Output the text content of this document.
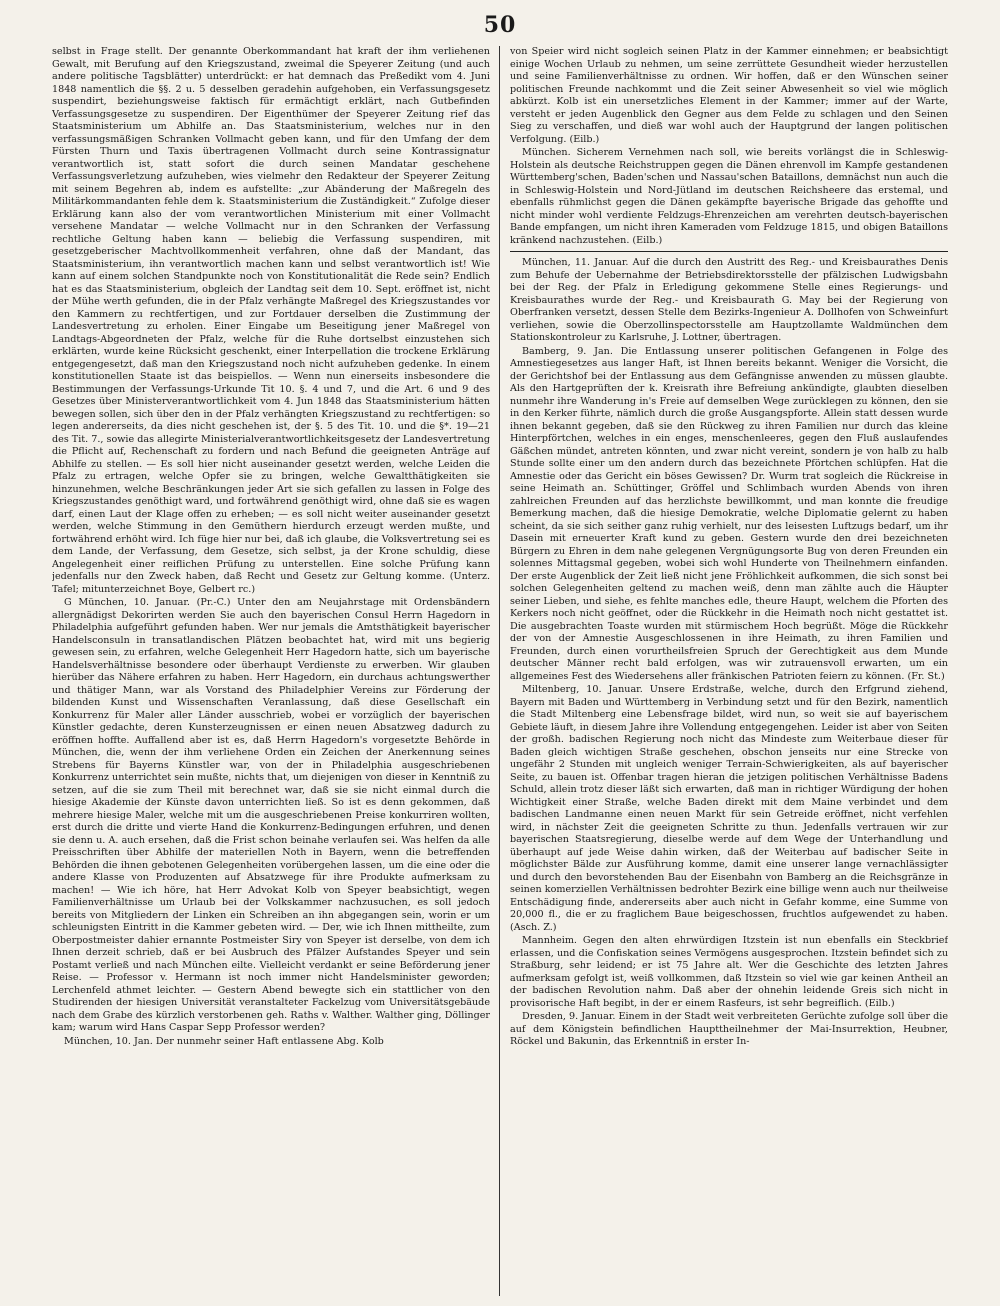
50

selbst in Frage stellt. Der genannte Oberkommandant hat kraft der ihm verliehenen Gewalt, mit Berufung auf den Kriegszustand, zweimal die Speyerer Zeitung (und auch andere politische Tagsblätter) unterdrückt: er hat demnach das Preßedikt vom 4. Juni 1848 namentlich die §§. 2 u. 5 desselben geradehin aufgehoben, ein Verfassungsgesetz suspendirt, beziehungsweise faktisch für ermächtigt erklärt, nach Gutbefinden Verfassungsgesetze zu suspendiren. Der Eigenthümer der Speyerer Zeitung rief das Staatsministerium um Abhilfe an. Das Staatsministerium, welches nur in den verfassungsmäßigen Schranken Vollmacht geben kann, und für den Umfang der dem Fürsten Thurn und Taxis übertragenen Vollmacht durch seine Kontrassignatur verantwortlich ist, statt sofort die durch seinen Mandatar geschehene Verfassungsverletzung aufzuheben, wies vielmehr den Redakteur der Speyerer Zeitung mit seinem Begehren ab, indem es aufstellte: „zur Abänderung der Maßregeln des Militärkommandanten fehle dem k. Staatsministerium die Zuständigkeit.“ Zufolge dieser Erklärung kann also der vom verantwortlichen Ministerium mit einer Vollmacht versehene Mandatar — welche Vollmacht nur in den Schranken der Verfassung rechtliche Geltung haben kann — beliebig die Verfassung suspendiren, mit gesetzgeberischer Machtvollkommenheit verfahren, ohne daß der Mandant, das Staatsministerium, ihn verantwortlich machen kann und selbst verantwortlich ist! Wie kann auf einem solchen Standpunkte noch von Konstitutionalität die Rede sein? Endlich hat es das Staatsministerium, obgleich der Landtag seit dem 10. Sept. eröffnet ist, nicht der Mühe werth gefunden, die in der Pfalz verhängte Maßregel des Kriegszustandes vor den Kammern zu rechtfertigen, und zur Fortdauer derselben die Zustimmung der Landesvertretung zu erholen. Einer Eingabe um Beseitigung jener Maßregel von Landtags-Abgeordneten der Pfalz, welche für die Ruhe dortselbst einzustehen sich erklärten, wurde keine Rücksicht geschenkt, einer Interpellation die trockene Erklärung entgegengesetzt, daß man den Kriegszustand noch nicht aufzuheben gedenke. In einem konstitutionellen Staate ist das beispiellos. — Wenn nun einerseits insbesondere die Bestimmungen der Verfassungs-Urkunde Tit 10. §. 4 und 7, und die Art. 6 und 9 des Gesetzes über Ministerverantwortlichkeit vom 4. Jun 1848 das Staatsministerium hätten bewegen sollen, sich über den in der Pfalz verhängten Kriegszustand zu rechtfertigen: so legen andererseits, da dies nicht geschehen ist, der §. 5 des Tit. 10. und die §*. 19—21 des Tit. 7., sowie das allegirte Ministerialverantwortlichkeitsgesetz der Landesvertretung die Pflicht auf, Rechenschaft zu fordern und nach Befund die geeigneten Anträge auf Abhilfe zu stellen. — Es soll hier nicht auseinander gesetzt werden, welche Leiden die Pfalz zu ertragen, welche Opfer sie zu bringen, welche Gewaltthätigkeiten sie hinzunehmen, welche Beschränkungen jeder Art sie sich gefallen zu lassen in Folge des Kriegszustandes genöthigt ward, und fortwährend genöthigt wird, ohne daß sie es wagen darf, einen Laut der Klage offen zu erheben; — es soll nicht weiter auseinander gesetzt werden, welche Stimmung in den Gemüthern hierdurch erzeugt werden mußte, und fortwährend erhöht wird. Ich füge hier nur bei, daß ich glaube, die Volksvertretung sei es dem Lande, der Verfassung, dem Gesetze, sich selbst, ja der Krone schuldig, diese Angelegenheit einer reiflichen Prüfung zu unterstellen. Eine solche Prüfung kann jedenfalls nur den Zweck haben, daß Recht und Gesetz zur Geltung komme. (Unterz. Tafel; mitunterzeichnet Boye, Gelbert rc.)

G München, 10. Januar. (Pr.-C.) Unter den am Neujahrstage mit Ordensbändern allergnädigst Dekorirten werden Sie auch den bayerischen Consul Herrn Hagedorn in Philadelphia aufgeführt gefunden haben. Wer nur jemals die Amtsthätigkeit bayerischer Handelsconsuln in transatlandischen Plätzen beobachtet hat, wird mit uns begierig gewesen sein, zu erfahren, welche Gelegenheit Herr Hagedorn hatte, sich um bayerische Handelsverhältnisse besondere oder überhaupt Verdienste zu erwerben. Wir glauben hierüber das Nähere erfahren zu haben. Herr Hagedorn, ein durchaus achtungswerther und thätiger Mann, war als Vorstand des Philadelphier Vereins zur Förderung der bildenden Kunst und Wissenschaften Veranlassung, daß diese Gesellschaft ein Konkurrenz für Maler aller Länder ausschrieb, wobei er vorzüglich der bayerischen Künstler gedachte, deren Kunsterzeugnissen er einen neuen Absatzweg dadurch zu eröffnen hoffte. Auffallend aber ist es, daß Herrn Hagedorn's vorgesetzte Behörde in München, die, wenn der ihm verliehene Orden ein Zeichen der Anerkennung seines Strebens für Bayerns Künstler war, von der in Philadelphia ausgeschriebenen Konkurrenz unterrichtet sein mußte, nichts that, um diejenigen von dieser in Kenntniß zu setzen, auf die sie zum Theil mit berechnet war, daß sie sie nicht einmal durch die hiesige Akademie der Künste davon unterrichten ließ. So ist es denn gekommen, daß mehrere hiesige Maler, welche mit um die ausgeschriebenen Preise konkurriren wollten, erst durch die dritte und vierte Hand die Konkurrenz-Bedingungen erfuhren, und denen sie denn u. A. auch ersehen, daß die Frist schon beinahe verlaufen sei. Was helfen da alle Preisschriften über Abhilfe der materiellen Noth in Bayern, wenn die betreffenden Behörden die ihnen gebotenen Gelegenheiten vorübergehen lassen, um die eine oder die andere Klasse von Produzenten auf Absatzwege für ihre Produkte aufmerksam zu machen! — Wie ich höre, hat Herr Advokat Kolb von Speyer beabsichtigt, wegen Familienverhältnisse um Urlaub bei der Volkskammer nachzusuchen, es soll jedoch bereits von Mitgliedern der Linken ein Schreiben an ihn abgegangen sein, worin er um schleunigsten Eintritt in die Kammer gebeten wird. — Der, wie ich Ihnen mittheilte, zum Oberpostmeister dahier ernannte Postmeister Siry von Speyer ist derselbe, von dem ich Ihnen derzeit schrieb, daß er bei Ausbruch des Pfälzer Aufstandes Speyer und sein Postamt verließ und nach München eilte. Vielleicht verdankt er seine Beförderung jener Reise. — Professor v. Hermann ist noch immer nicht Handelsminister geworden; Lerchenfeld athmet leichter. — Gestern Abend bewegte sich ein stattlicher von den Studirenden der hiesigen Universität veranstalteter Fackelzug vom Universitätsgebäude nach dem Grabe des kürzlich verstorbenen geh. Raths v. Walther. Walther ging, Döllinger kam; warum wird Hans Caspar Sepp Professor werden?

München, 10. Jan. Der nunmehr seiner Haft entlassene Abg. Kolb

von Speier wird nicht sogleich seinen Platz in der Kammer einnehmen; er beabsichtigt einige Wochen Urlaub zu nehmen, um seine zerrüttete Gesundheit wieder herzustellen und seine Familienverhältnisse zu ordnen. Wir hoffen, daß er den Wünschen seiner politischen Freunde nachkommt und die Zeit seiner Abwesenheit so viel wie möglich abkürzt. Kolb ist ein unersetzliches Element in der Kammer; immer auf der Warte, versteht er jeden Augenblick den Gegner aus dem Felde zu schlagen und den Seinen Sieg zu verschaffen, und dieß war wohl auch der Hauptgrund der langen politischen Verfolgung. (Eilb.)

München. Sicherem Vernehmen nach soll, wie bereits vorlängst die in Schleswig-Holstein als deutsche Reichstruppen gegen die Dänen ehrenvoll im Kampfe gestandenen Württemberg'schen, Baden'schen und Nassau'schen Bataillons, demnächst nun auch die in Schleswig-Holstein und Nord-Jütland im deutschen Reichsheere das erstemal, und ebenfalls rühmlichst gegen die Dänen gekämpfte bayerische Brigade das gehoffte und nicht minder wohl verdiente Feldzugs-Ehrenzeichen am verehrten deutsch-bayerischen Bande empfangen, um nicht ihren Kameraden vom Feldzuge 1815, und obigen Bataillons kränkend nachzustehen. (Eilb.)

München, 11. Januar. Auf die durch den Austritt des Reg.- und Kreisbaurathes Denis zum Behufe der Uebernahme der Betriebsdirektorsstelle der pfälzischen Ludwigsbahn bei der Reg. der Pfalz in Erledigung gekommene Stelle eines Regierungs- und Kreisbaurathes wurde der Reg.- und Kreisbaurath G. May bei der Regierung von Oberfranken versetzt, dessen Stelle dem Bezirks-Ingenieur A. Dollhofen von Schweinfurt verliehen, sowie die Oberzollinspectorsstelle am Hauptzollamte Waldmünchen dem Stationskontroleur zu Karlsruhe, J. Lottner, übertragen.

Bamberg, 9. Jan. Die Entlassung unserer politischen Gefangenen in Folge des Amnestiegesetzes aus langer Haft, ist Ihnen bereits bekannt. Weniger die Vorsicht, die der Gerichtshof bei der Entlassung aus dem Gefängnisse anwenden zu müssen glaubte. Als den Hartgeprüften der k. Kreisrath ihre Befreiung ankündigte, glaubten dieselben nunmehr ihre Wanderung in's Freie auf demselben Wege zurücklegen zu können, den sie in den Kerker führte, nämlich durch die große Ausgangspforte. Allein statt dessen wurde ihnen bekannt gegeben, daß sie den Rückweg zu ihren Familien nur durch das kleine Hinterpförtchen, welches in ein enges, menschenleeres, gegen den Fluß auslaufendes Gäßchen mündet, antreten könnten, und zwar nicht vereint, sondern je von halb zu halb Stunde sollte einer um den andern durch das bezeichnete Pförtchen schlüpfen. Hat die Amnestie oder das Gericht ein böses Gewissen? Dr. Wurm trat sogleich die Rückreise in seine Heimath an. Schüttinger, Gröffel und Schlimbach wurden Abends von ihren zahlreichen Freunden auf das herzlichste bewillkommt, und man konnte die freudige Bemerkung machen, daß die hiesige Demokratie, welche Diplomatie gelernt zu haben scheint, da sie sich seither ganz ruhig verhielt, nur des leisesten Luftzugs bedarf, um ihr Dasein mit erneuerter Kraft kund zu geben. Gestern wurde den drei bezeichneten Bürgern zu Ehren in dem nahe gelegenen Vergnügungsorte Bug von deren Freunden ein solennes Mittagsmal gegeben, wobei sich wohl Hunderte von Theilnehmern einfanden. Der erste Augenblick der Zeit ließ nicht jene Fröhlichkeit aufkommen, die sich sonst bei solchen Gelegenheiten geltend zu machen weiß, denn man zählte auch die Häupter seiner Lieben, und siehe, es fehlte manches edle, theure Haupt, welchem die Pforten des Kerkers noch nicht geöffnet, oder die Rückkehr in die Heimath noch nicht gestattet ist. Die ausgebrachten Toaste wurden mit stürmischem Hoch begrüßt. Möge die Rückkehr der von der Amnestie Ausgeschlossenen in ihre Heimath, zu ihren Familien und Freunden, durch einen vorurtheilsfreien Spruch der Gerechtigkeit aus dem Munde deutscher Männer recht bald erfolgen, was wir zutrauensvoll erwarten, um ein allgemeines Fest des Wiedersehens aller fränkischen Patrioten feiern zu können. (Fr. St.)

Miltenberg, 10. Januar. Unsere Erdstraße, welche, durch den Erfgrund ziehend, Bayern mit Baden und Württemberg in Verbindung setzt und für den Bezirk, namentlich die Stadt Miltenberg eine Lebensfrage bildet, wird nun, so weit sie auf bayerischem Gebiete läuft, in diesem Jahre ihre Vollendung entgegengehen. Leider ist aber von Seiten der großh. badischen Regierung noch nicht das Mindeste zum Weiterbaue dieser für Baden gleich wichtigen Straße geschehen, obschon jenseits nur eine Strecke von ungefähr 2 Stunden mit ungleich weniger Terrain-Schwierigkeiten, als auf bayerischer Seite, zu bauen ist. Offenbar tragen hieran die jetzigen politischen Verhältnisse Badens Schuld, allein trotz dieser läßt sich erwarten, daß man in richtiger Würdigung der hohen Wichtigkeit einer Straße, welche Baden direkt mit dem Maine verbindet und dem badischen Landmanne einen neuen Markt für sein Getreide eröffnet, nicht verfehlen wird, in nächster Zeit die geeigneten Schritte zu thun. Jedenfalls vertrauen wir zur bayerischen Staatsregierung, dieselbe werde auf dem Wege der Unterhandlung und überhaupt auf jede Weise dahin wirken, daß der Weiterbau auf badischer Seite in möglichster Bälde zur Ausführung komme, damit eine unserer lange vernachlässigter und durch den bevorstehenden Bau der Eisenbahn von Bamberg an die Reichsgränze in seinen komerziellen Verhältnissen bedrohter Bezirk eine billige wenn auch nur theilweise Entschädigung finde, andererseits aber auch nicht in Gefahr komme, eine Summe von 20,000 fl., die er zu fraglichem Baue beigeschossen, fruchtlos aufgewendet zu haben. (Asch. Z.)

Mannheim. Gegen den alten ehrwürdigen Itzstein ist nun ebenfalls ein Steckbrief erlassen, und die Confiskation seines Vermögens ausgesprochen. Itzstein befindet sich zu Straßburg, sehr leidend; er ist 75 Jahre alt. Wer die Geschichte des letzten Jahres aufmerksam gefolgt ist, weiß vollkommen, daß Itzstein so viel wie gar keinen Antheil an der badischen Revolution nahm. Daß aber der ohnehin leidende Greis sich nicht in provisorische Haft begibt, in der er einem Rasfeurs, ist sehr begreiflich. (Eilb.)

Dresden, 9. Januar. Einem in der Stadt weit verbreiteten Gerüchte zufolge soll über die auf dem Königstein befindlichen Haupttheilnehmer der Mai-Insurrektion, Heubner, Röckel und Bakunin, das Erkenntniß in erster In-
